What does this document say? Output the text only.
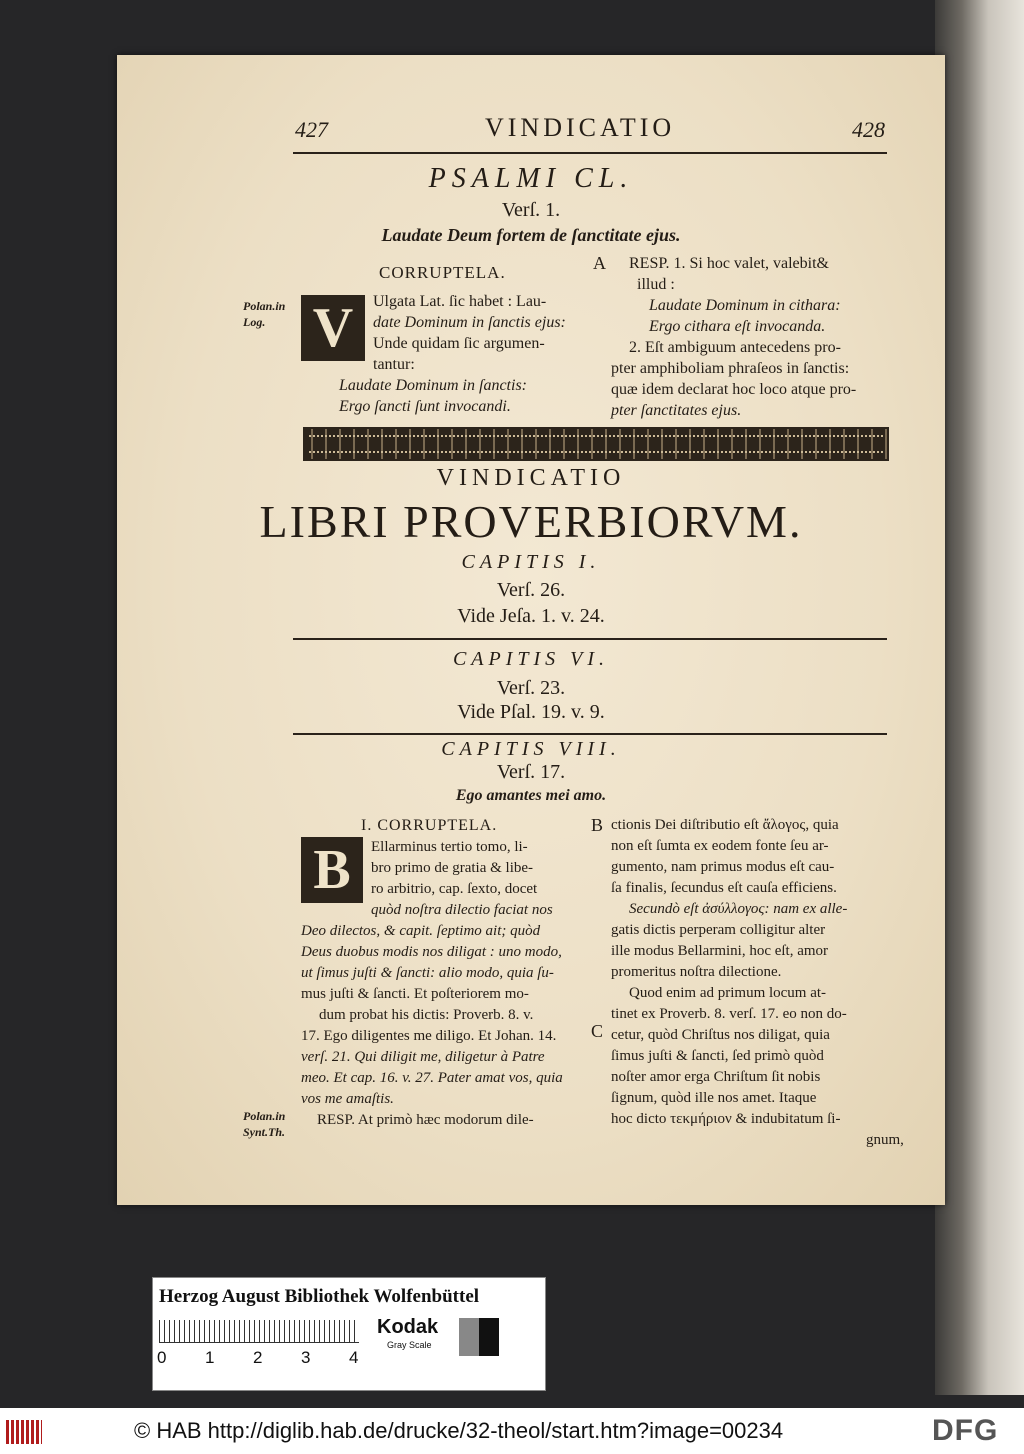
427	VINDICATIO	428
PSALMI CL.
Verſ. 1.
Laudate Deum fortem de ſanctitate ejus.
CORRUPTELA.
Polan.in
Log. V	Ulgata Lat. ſic habet : Lau-
date Dominum in ſanctis ejus:
Unde quidam ſic argumen-
tantur:
Laudate Dominum in ſanctis:
Ergo ſancti ſunt invocandi.
A RESP. 1. Si hoc valet, valebit&
illud :
Laudate Dominum in cithara:
Ergo cithara eſt invocanda.
2. Eſt ambiguum antecedens pro-
pter amphiboliam phraſeos in ſanctis:
quæ idem declarat hoc loco atque pro-
pter ſanctitates ejus.
VINDICATIO
LIBRI PROVERBIORVM.
CAPITIS I.
Verſ. 26.
Vide Jeſa. 1. v. 24.
CAPITIS VI.
Verſ. 23.
Vide Pſal. 19. v. 9.
CAPITIS VIII.
Verſ. 17.
Ego amantes mei amo.
I. CORRUPTELA.
B	Ellarminus tertio tomo, li-
bro primo de gratia & libe-
ro arbitrio, cap. ſexto, docet
quòd noſtra dilectio faciat nos
Deo dilectos, & capit. ſeptimo ait; quòd
Deus duobus modis nos diligat : uno modo,
ut ſimus juſti & ſancti: alio modo, quia ſu-
mus juſti & ſancti. Et poſteriorem mo-
dum probat his dictis: Proverb. 8. v.
17. Ego diligentes me diligo. Et Johan. 14.
verſ. 21. Qui diligit me, diligetur à Patre
meo. Et cap. 16. v. 27. Pater amat vos, quia
vos me amaſtis.
RESP. At primò hæc modorum dile-
Polan.in
Synt.Th.
B
C
ctionis Dei diſtributio eſt ἄλογος, quia
non eſt ſumta ex eodem fonte ſeu ar-
gumento, nam primus modus eſt cau-
ſa finalis, ſecundus eſt cauſa efficiens.
Secundò eſt ἀσύλλογος: nam ex alle-
gatis dictis perperam colligitur alter
ille modus Bellarmini, hoc eſt, amor
promeritus noſtra dilectione.
Quod enim ad primum locum at-
tinet ex Proverb. 8. verſ. 17. eo non do-
cetur, quòd Chriſtus nos diligat, quia
ſimus juſti & ſancti, ſed primò quòd
noſter amor erga Chriſtum ſit nobis
ſignum, quòd ille nos amet. Itaque
hoc dicto τεκμήριον & indubitatum ſi-
gnum,
Herzog August Bibliothek Wolfenbüttel
0 1 2 3 4
Kodak
Gray Scale
© HAB http://diglib.hab.de/drucke/32-theol/start.htm?image=00234	DFG
